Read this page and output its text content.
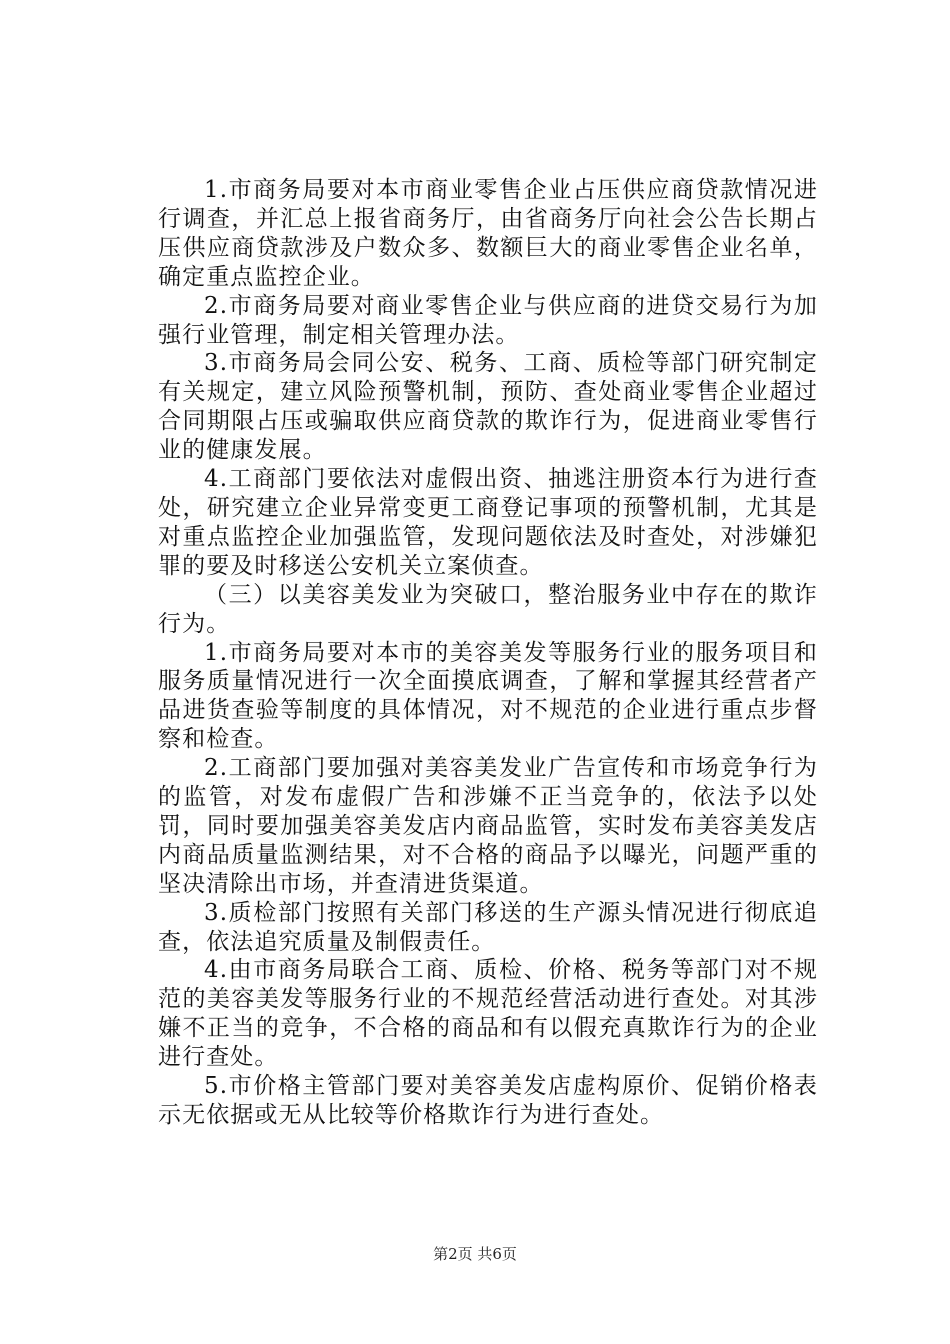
1.市商务局要对本市商业零售企业占压供应商贷款情况进行调查，并汇总上报省商务厅，由省商务厅向社会公告长期占压供应商贷款涉及户数众多、数额巨大的商业零售企业名单，确定重点监控企业。

2.市商务局要对商业零售企业与供应商的进贷交易行为加强行业管理，制定相关管理办法。

3.市商务局会同公安、税务、工商、质检等部门研究制定有关规定，建立风险预警机制，预防、查处商业零售企业超过合同期限占压或骗取供应商贷款的欺诈行为，促进商业零售行业的健康发展。

4.工商部门要依法对虚假出资、抽逃注册资本行为进行查处，研究建立企业异常变更工商登记事项的预警机制，尤其是对重点监控企业加强监管，发现问题依法及时查处，对涉嫌犯罪的要及时移送公安机关立案侦查。

（三）以美容美发业为突破口，整治服务业中存在的欺诈行为。

1.市商务局要对本市的美容美发等服务行业的服务项目和服务质量情况进行一次全面摸底调查，了解和掌握其经营者产品进货查验等制度的具体情况，对不规范的企业进行重点步督察和检查。

2.工商部门要加强对美容美发业广告宣传和市场竞争行为的监管，对发布虚假广告和涉嫌不正当竞争的，依法予以处罚，同时要加强美容美发店内商品监管，实时发布美容美发店内商品质量监测结果，对不合格的商品予以曝光，问题严重的坚决清除出市场，并查清进货渠道。

3.质检部门按照有关部门移送的生产源头情况进行彻底追查，依法追究质量及制假责任。

4.由市商务局联合工商、质检、价格、税务等部门对不规范的美容美发等服务行业的不规范经营活动进行查处。对其涉嫌不正当的竞争，不合格的商品和有以假充真欺诈行为的企业进行查处。

5.市价格主管部门要对美容美发店虚构原价、促销价格表示无依据或无从比较等价格欺诈行为进行查处。

第2页 共6页
